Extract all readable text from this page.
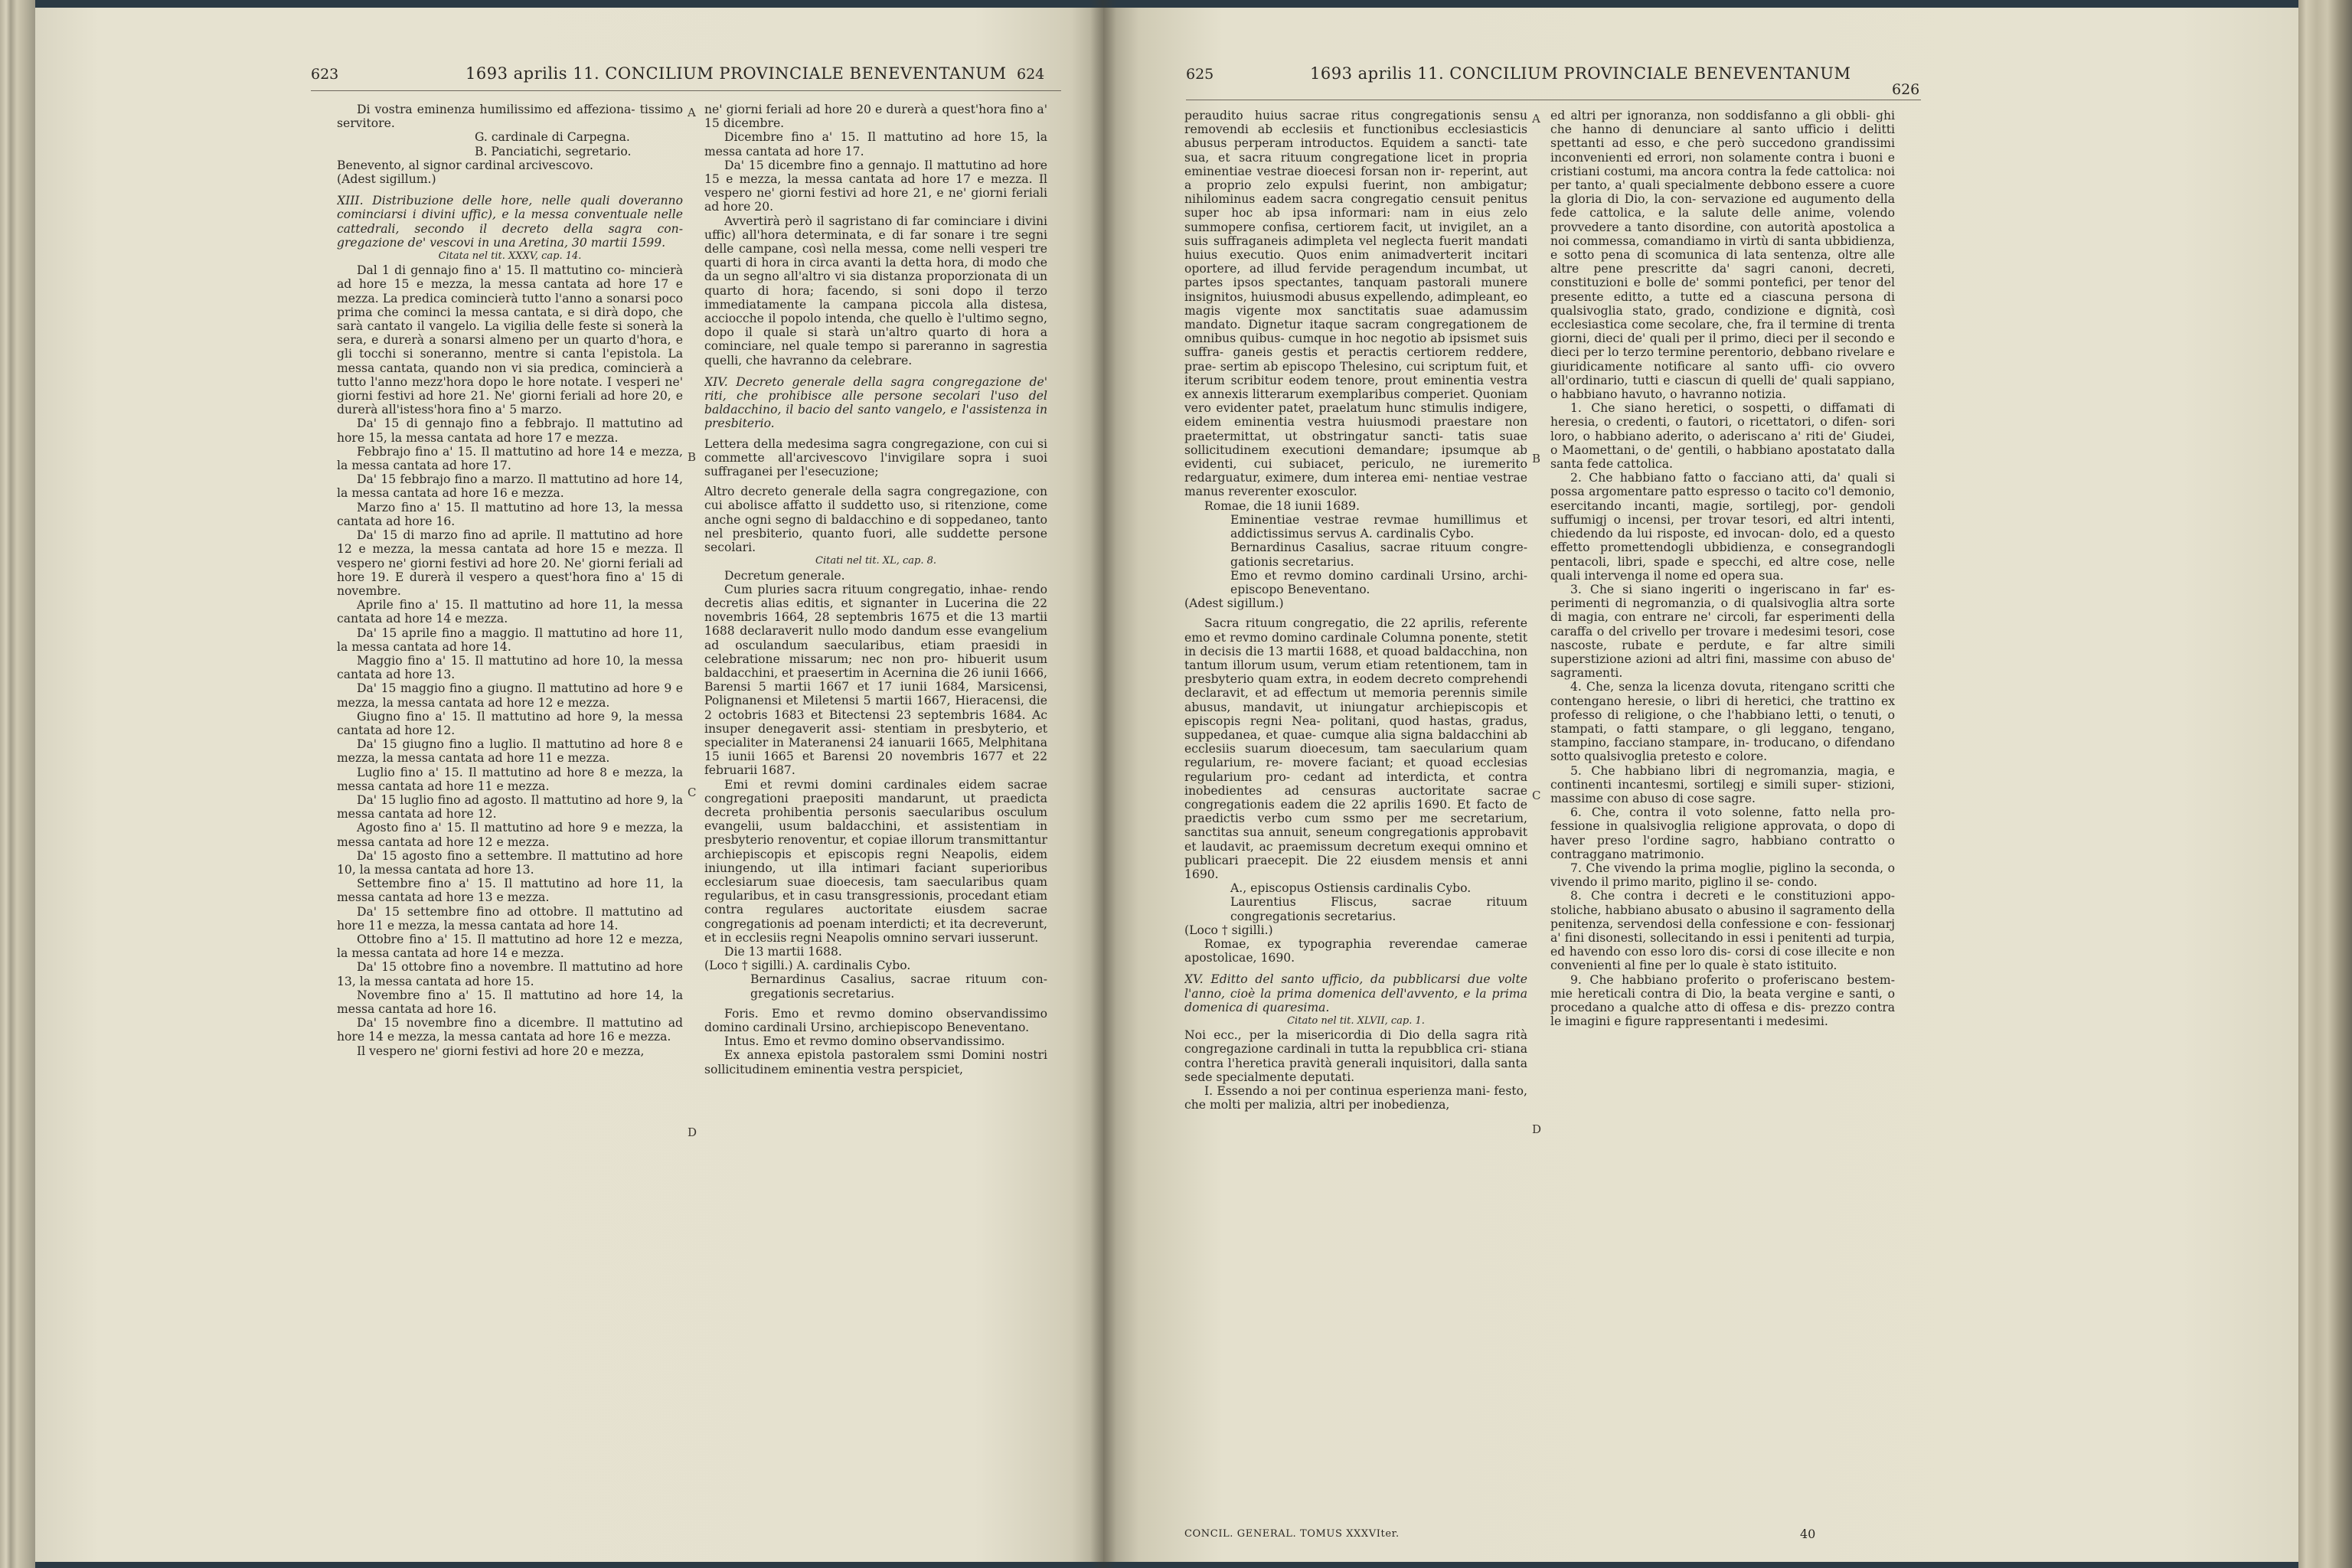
623	1693 aprilis 11. CONCILIUM PROVINCIALE BENEVENTANUM 624

Di vostra eminenza humilissimo ed affeziona- tissimo servitore.

G. cardinale di Carpegna.

B. Panciatichi, segretario.

Benevento, al signor cardinal arcivescovo.

(Adest sigillum.)

XIII. Distribuzione delle hore, nelle quali doveranno cominciarsi i divini uffic), e la messa conventuale nelle cattedrali, secondo il decreto della sagra con- gregazione de' vescovi in una Aretina, 30 martii 1599.

Citata nel tit. XXXV, cap. 14.

Dal 1 di gennajo fino a' 15. Il mattutino co- mincierà ad hore 15 e mezza, la messa cantata ad hore 17 e mezza. La predica comincierà tutto l'anno a sonarsi poco prima che cominci la messa cantata, e si dirà dopo, che sarà cantato il vangelo. La vigilia delle feste si sonerà la sera, e durerà a sonarsi almeno per un quarto d'hora, e gli tocchi si soneranno, mentre si canta l'epistola. La messa cantata, quando non vi sia predica, comincierà a tutto l'anno mezz'hora dopo le hore notate. I vesperi ne' giorni festivi ad hore 21. Ne' giorni feriali ad hore 20, e durerà all'istess'hora fino a' 5 marzo.

Da' 15 di gennajo fino a febbrajo. Il mattutino ad hore 15, la messa cantata ad hore 17 e mezza.

Febbrajo fino a' 15. Il mattutino ad hore 14 e mezza, la messa cantata ad hore 17.

Da' 15 febbrajo fino a marzo. Il mattutino ad hore 14, la messa cantata ad hore 16 e mezza.

Marzo fino a' 15. Il mattutino ad hore 13, la messa cantata ad hore 16.

Da' 15 di marzo fino ad aprile. Il mattutino ad hore 12 e mezza, la messa cantata ad hore 15 e mezza. Il vespero ne' giorni festivi ad hore 20. Ne' giorni feriali ad hore 19. E durerà il vespero a quest'hora fino a' 15 di novembre.

Aprile fino a' 15. Il mattutino ad hore 11, la messa cantata ad hore 14 e mezza.

Da' 15 aprile fino a maggio. Il mattutino ad hore 11, la messa cantata ad hore 14.

Maggio fino a' 15. Il mattutino ad hore 10, la messa cantata ad hore 13.

Da' 15 maggio fino a giugno. Il mattutino ad hore 9 e mezza, la messa cantata ad hore 12 e mezza.

Giugno fino a' 15. Il mattutino ad hore 9, la messa cantata ad hore 12.

Da' 15 giugno fino a luglio. Il mattutino ad hore 8 e mezza, la messa cantata ad hore 11 e mezza.

Luglio fino a' 15. Il mattutino ad hore 8 e mezza, la messa cantata ad hore 11 e mezza.

Da' 15 luglio fino ad agosto. Il mattutino ad hore 9, la messa cantata ad hore 12.

Agosto fino a' 15. Il mattutino ad hore 9 e mezza, la messa cantata ad hore 12 e mezza.

Da' 15 agosto fino a settembre. Il mattutino ad hore 10, la messa cantata ad hore 13.

Settembre fino a' 15. Il mattutino ad hore 11, la messa cantata ad hore 13 e mezza.

Da' 15 settembre fino ad ottobre. Il mattutino ad hore 11 e mezza, la messa cantata ad hore 14.

Ottobre fino a' 15. Il mattutino ad hore 12 e mezza, la messa cantata ad hore 14 e mezza.

Da' 15 ottobre fino a novembre. Il mattutino ad hore 13, la messa cantata ad hore 15.

Novembre fino a' 15. Il mattutino ad hore 14, la messa cantata ad hore 16.

Da' 15 novembre fino a dicembre. Il mattutino ad hore 14 e mezza, la messa cantata ad hore 16 e mezza.

Il vespero ne' giorni festivi ad hore 20 e mezza,

ne' giorni feriali ad hore 20 e durerà a quest'hora fino a' 15 dicembre.

Dicembre fino a' 15. Il mattutino ad hore 15, la messa cantata ad hore 17.

Da' 15 dicembre fino a gennajo. Il mattutino ad hore 15 e mezza, la messa cantata ad hore 17 e mezza. Il vespero ne' giorni festivi ad hore 21, e ne' giorni feriali ad hore 20.

Avvertirà però il sagristano di far cominciare i divini uffic) all'hora determinata, e di far sonare i tre segni delle campane, così nella messa, come nelli vesperi tre quarti di hora in circa avanti la detta hora, di modo che da un segno all'altro vi sia distanza proporzionata di un quarto di hora; facendo, si soni dopo il terzo immediatamente la campana piccola alla distesa, acciocche il popolo intenda, che quello è l'ultimo segno, dopo il quale si starà un'altro quarto di hora a cominciare, nel quale tempo si pareranno in sagrestia quelli, che havranno da celebrare.

XIV. Decreto generale della sagra congregazione de' riti, che prohibisce alle persone secolari l'uso del baldacchino, il bacio del santo vangelo, e l'assistenza in presbiterio.

Lettera della medesima sagra congregazione, con cui si commette all'arcivescovo l'invigilare sopra i suoi suffraganei per l'esecuzione;

Altro decreto generale della sagra congregazione, con cui abolisce affatto il suddetto uso, si ritenzione, come anche ogni segno di baldacchino e di soppedaneo, tanto nel presbiterio, quanto fuori, alle suddette persone secolari.

Citati nel tit. XL, cap. 8.

Decretum generale.

Cum pluries sacra rituum congregatio, inhae- rendo decretis alias editis, et signanter in Lucerina die 22 novembris 1664, 28 septembris 1675 et die 13 martii 1688 declaraverit nullo modo dandum esse evangelium ad osculandum saecularibus, etiam praesidi in celebratione missarum; nec non pro- hibuerit usum baldacchini, et praesertim in Acernina die 26 iunii 1666, Barensi 5 martii 1667 et 17 iunii 1684, Marsicensi, Polignanensi et Miletensi 5 martii 1667, Hieracensi, die 2 octobris 1683 et Bitectensi 23 septembris 1684. Ac insuper denegaverit assi- stentiam in presbyterio, et specialiter in Materanensi 24 ianuarii 1665, Melphitana 15 iunii 1665 et Barensi 20 novembris 1677 et 22 februarii 1687.

Emi et revmi domini cardinales eidem sacrae congregationi praepositi mandarunt, ut praedicta decreta prohibentia personis saecularibus osculum evangelii, usum baldacchini, et assistentiam in presbyterio renoventur, et copiae illorum transmittantur archiepiscopis et episcopis regni Neapolis, eidem iniungendo, ut illa intimari faciant superioribus ecclesiarum suae dioecesis, tam saecularibus quam regularibus, et in casu transgressionis, procedant etiam contra regulares auctoritate eiusdem sacrae congregationis ad poenam interdicti; et ita decreverunt, et in ecclesiis regni Neapolis omnino servari iusserunt.

Die 13 martii 1688.

(Loco † sigilli.) A. cardinalis Cybo.

Bernardinus Casalius, sacrae rituum con- gregationis secretarius.

Foris. Emo et revmo domino observandissimo domino cardinali Ursino, archiepiscopo Beneventano.

Intus. Emo et revmo domino observandissimo.

Ex annexa epistola pastoralem ssmi Domini nostri sollicitudinem eminentia vestra perspiciet,

A
B
C
D
625	1693 aprilis 11. CONCILIUM PROVINCIALE BENEVENTANUM
626

peraudito huius sacrae ritus congregationis sensu removendi ab ecclesiis et functionibus ecclesiasticis abusus perperam introductos. Equidem a sancti- tate sua, et sacra rituum congregatione licet in propria eminentiae vestrae dioecesi forsan non ir- reperint, aut a proprio zelo expulsi fuerint, non ambigatur; nihilominus eadem sacra congregatio censuit penitus super hoc ab ipsa informari: nam in eius zelo summopere confisa, certiorem facit, ut invigilet, an a suis suffraganeis adimpleta vel neglecta fuerit mandati huius executio. Quos enim animadverterit incitari oportere, ad illud fervide peragendum incumbat, ut partes ipsos spectantes, tanquam pastorali munere insignitos, huiusmodi abusus expellendo, adimpleant, eo magis vigente mox sanctitatis suae adamussim mandato. Dignetur itaque sacram congregationem de omnibus quibus- cumque in hoc negotio ab ipsismet suis suffra- ganeis gestis et peractis certiorem reddere, prae- sertim ab episcopo Thelesino, cui scriptum fuit, et iterum scribitur eodem tenore, prout eminentia vestra ex annexis litterarum exemplaribus comperiet. Quoniam vero evidenter patet, praelatum hunc stimulis indigere, eidem eminentia vestra huiusmodi praestare non praetermittat, ut obstringatur sancti- tatis suae sollicitudinem executioni demandare; ipsumque ab evidenti, cui subiacet, periculo, ne iuremerito redarguatur, eximere, dum interea emi- nentiae vestrae manus reverenter exosculor.

Romae, die 18 iunii 1689.

Eminentiae vestrae revmae humillimus et addictissimus servus A. cardinalis Cybo.

Bernardinus Casalius, sacrae rituum congre- gationis secretarius.

Emo et revmo domino cardinali Ursino, archi- episcopo Beneventano.

(Adest sigillum.)

Sacra rituum congregatio, die 22 aprilis, referente emo et revmo domino cardinale Columna ponente, stetit in decisis die 13 martii 1688, et quoad baldacchina, non tantum illorum usum, verum etiam retentionem, tam in presbyterio quam extra, in eodem decreto comprehendi declaravit, et ad effectum ut memoria perennis simile abusus, mandavit, ut iniungatur archiepiscopis et episcopis regni Nea- politani, quod hastas, gradus, suppedanea, et quae- cumque alia signa baldacchini ab ecclesiis suarum dioecesum, tam saecularium quam regularium, re- movere faciant; et quoad ecclesias regularium pro- cedant ad interdicta, et contra inobedientes ad censuras auctoritate sacrae congregationis eadem die 22 aprilis 1690. Et facto de praedictis verbo cum ssmo per me secretarium, sanctitas sua annuit, seneum congregationis approbavit et laudavit, ac praemissum decretum exequi omnino et publicari praecepit. Die 22 eiusdem mensis et anni 1690.

A., episcopus Ostiensis cardinalis Cybo.

Laurentius Fliscus, sacrae rituum congregationis secretarius.

(Loco † sigilli.)

Romae, ex typographia reverendae camerae apostolicae, 1690.

XV. Editto del santo ufficio, da pubblicarsi due volte l'anno, cioè la prima domenica dell'avvento, e la prima domenica di quaresima.

Citato nel tit. XLVII, cap. 1.

Noi ecc., per la misericordia di Dio della sagra rità congregazione cardinali in tutta la repubblica cri- stiana contra l'heretica pravità generali inquisitori, dalla santa sede specialmente deputati.

I. Essendo a noi per continua esperienza mani- festo, che molti per malizia, altri per inobedienza,

ed altri per ignoranza, non soddisfanno a gli obbli- ghi che hanno di denunciare al santo ufficio i delitti spettanti ad esso, e che però succedono grandissimi inconvenienti ed errori, non solamente contra i buoni e cristiani costumi, ma ancora contra la fede cattolica: noi per tanto, a' quali specialmente debbono essere a cuore la gloria di Dio, la con- servazione ed augumento della fede cattolica, e la salute delle anime, volendo provvedere a tanto disordine, con autorità apostolica a noi commessa, comandiamo in virtù di santa ubbidienza, e sotto pena di scomunica di lata sentenza, oltre alle altre pene prescritte da' sagri canoni, decreti, constituzioni e bolle de' sommi pontefici, per tenor del presente editto, a tutte ed a ciascuna persona di qualsivoglia stato, grado, condizione e dignità, così ecclesiastica come secolare, che, fra il termine di trenta giorni, dieci de' quali per il primo, dieci per il secondo e dieci per lo terzo termine perentorio, debbano rivelare e giuridicamente notificare al santo uffi- cio ovvero all'ordinario, tutti e ciascun di quelli de' quali sappiano, o habbiano havuto, o havranno notizia.

1. Che siano heretici, o sospetti, o diffamati di heresia, o credenti, o fautori, o ricettatori, o difen- sori loro, o habbiano aderito, o aderiscano a' riti de' Giudei, o Maomettani, o de' gentili, o habbiano apostatato dalla santa fede cattolica.

2. Che habbiano fatto o facciano atti, da' quali si possa argomentare patto espresso o tacito co'l demonio, esercitando incanti, magie, sortilegj, por- gendoli suffumigj o incensi, per trovar tesori, ed altri intenti, chiedendo da lui risposte, ed invocan- dolo, ed a questo effetto promettendogli ubbidienza, e consegrandogli pentacoli, libri, spade e specchi, ed altre cose, nelle quali intervenga il nome ed opera sua.

3. Che si siano ingeriti o ingeriscano in far' es- perimenti di negromanzia, o di qualsivoglia altra sorte di magia, con entrare ne' circoli, far esperimenti della caraffa o del crivello per trovare i medesimi tesori, cose nascoste, rubate e perdute, e far altre simili superstizione azioni ad altri fini, massime con abuso de' sagramenti.

4. Che, senza la licenza dovuta, ritengano scritti che contengano heresie, o libri di heretici, che trattino ex professo di religione, o che l'habbiano letti, o tenuti, o stampati, o fatti stampare, o gli leggano, tengano, stampino, facciano stampare, in- troducano, o difendano sotto qualsivoglia pretesto e colore.

5. Che habbiano libri di negromanzia, magia, e continenti incantesmi, sortilegj e simili super- stizioni, massime con abuso di cose sagre.

6. Che, contra il voto solenne, fatto nella pro- fessione in qualsivoglia religione approvata, o dopo di haver preso l'ordine sagro, habbiano contratto o contraggano matrimonio.

7. Che vivendo la prima moglie, piglino la seconda, o vivendo il primo marito, piglino il se- condo.

8. Che contra i decreti e le constituzioni appo- stoliche, habbiano abusato o abusino il sagramento della penitenza, servendosi della confessione e con- fessionarj a' fini disonesti, sollecitando in essi i penitenti ad turpia, ed havendo con esso loro dis- corsi di cose illecite e non convenienti al fine per lo quale è stato istituito.

9. Che habbiano proferito o proferiscano bestem- mie hereticali contra di Dio, la beata vergine e santi, o procedano a qualche atto di offesa e dis- prezzo contra le imagini e figure rappresentanti i medesimi.

A
B
C
D
CONCIL. GENERAL. TOMUS XXXVIter.	40
